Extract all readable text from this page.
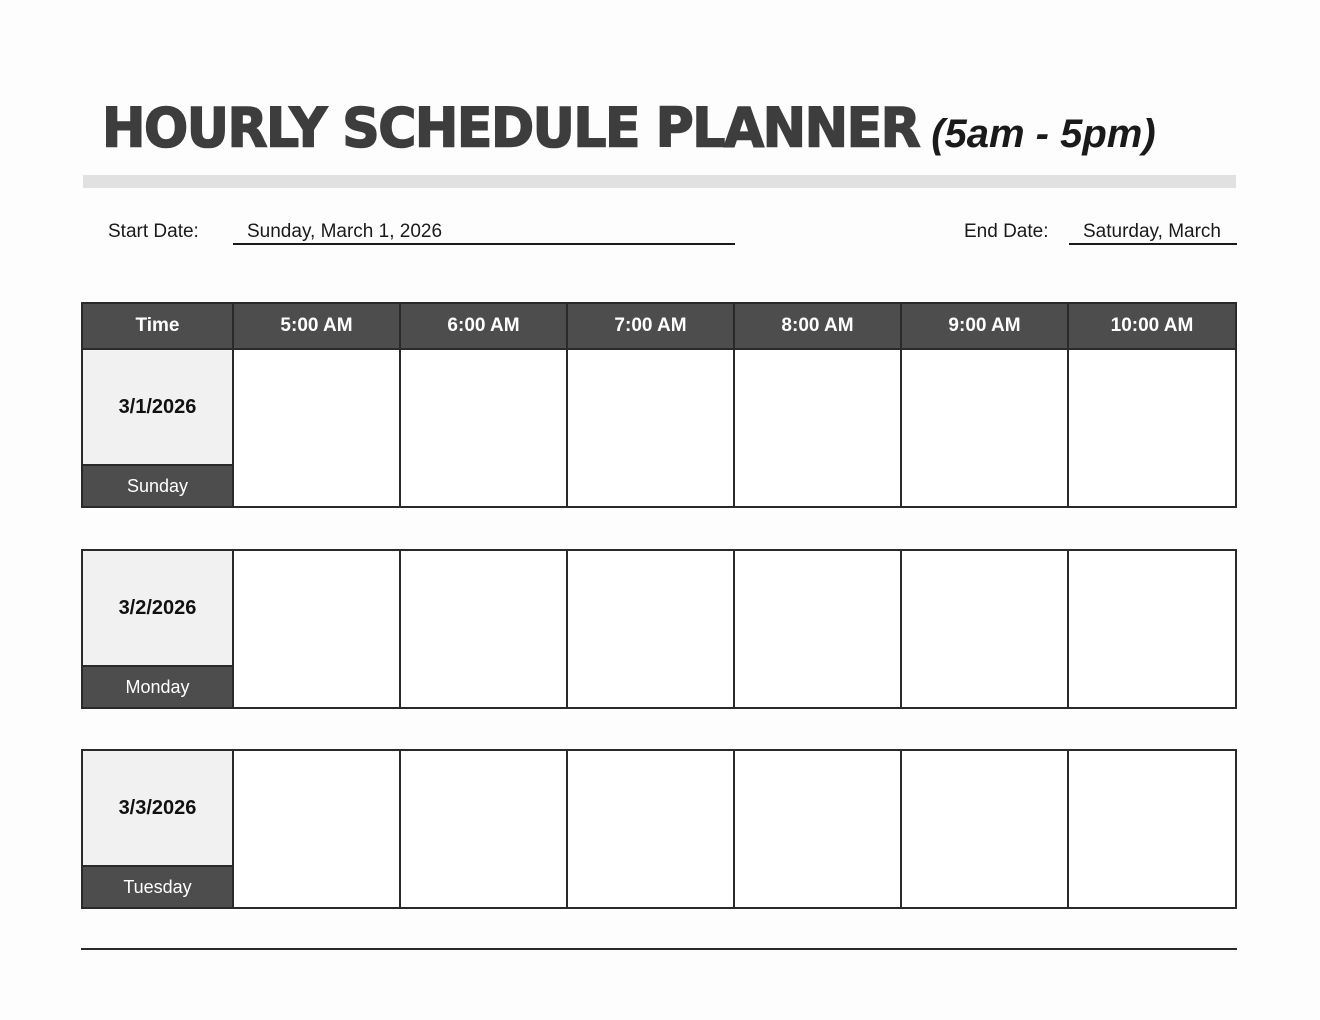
HOURLY SCHEDULE PLANNER (5am - 5pm)
Start Date:	Sunday, March 1, 2026	End Date:	Saturday, March
Time	5:00 AM	6:00 AM	7:00 AM	8:00 AM	9:00 AM	10:00 AM
3/1/2026
Sunday
3/2/2026
Monday
3/3/2026
Tuesday
